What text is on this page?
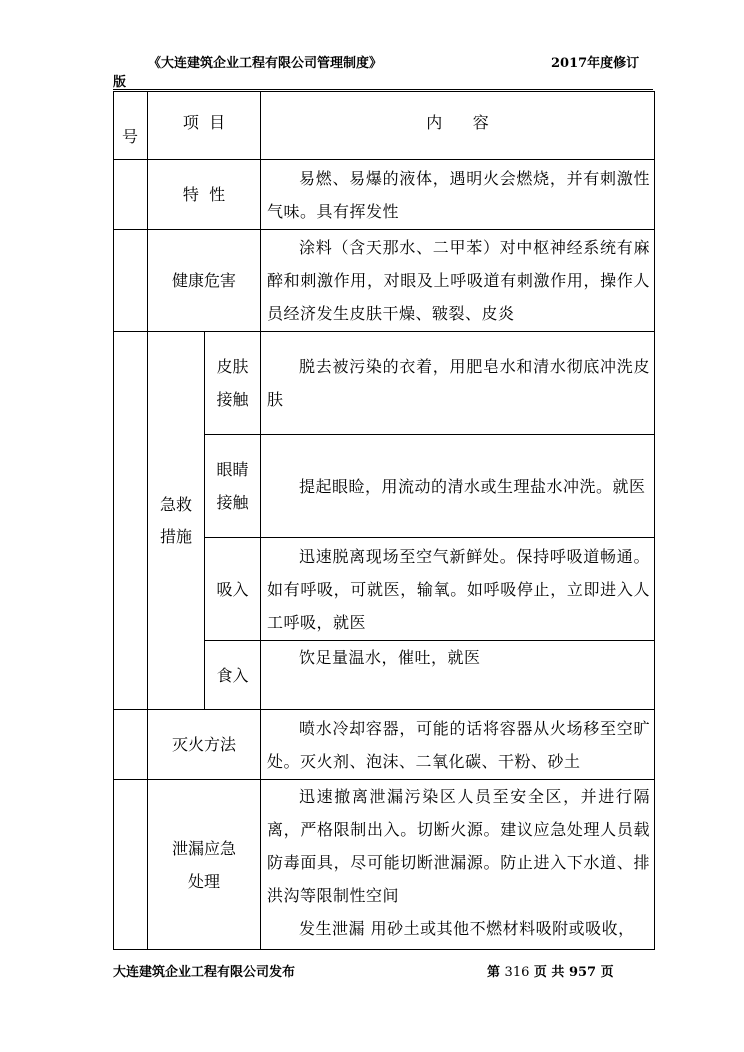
《大连建筑企业工程有限公司管理制度》	2017年度修订
版
号	项  目		内      容
	特  性		易燃、易爆的液体，遇明火会燃烧，并有刺激性气味。具有挥发性
	健康危害		涂料（含天那水、二甲苯）对中枢神经系统有麻醉和刺激作用，对眼及上呼吸道有刺激作用，操作人员经济发生皮肤干燥、皲裂、皮炎
	急救措施	皮肤接触	脱去被污染的衣着，用肥皂水和清水彻底冲洗皮肤
		眼睛接触	提起眼睑，用流动的清水或生理盐水冲洗。就医
		吸入	迅速脱离现场至空气新鲜处。保持呼吸道畅通。如有呼吸，可就医，输氧。如呼吸停止，立即进入人工呼吸，就医
		食入	饮足量温水，催吐，就医
	灭火方法		喷水冷却容器，可能的话将容器从火场移至空旷处。灭火剂、泡沫、二氧化碳、干粉、砂土
	泄漏应急处理		迅速撤离泄漏污染区人员至安全区，并进行隔离，严格限制出入。切断火源。建议应急处理人员载防毒面具，尽可能切断泄漏源。防止进入下水道、排洪沟等限制性空间
发生泄漏 用砂土或其他不燃材料吸附或吸收，
大连建筑企业工程有限公司发布	第 316 页 共 957 页
